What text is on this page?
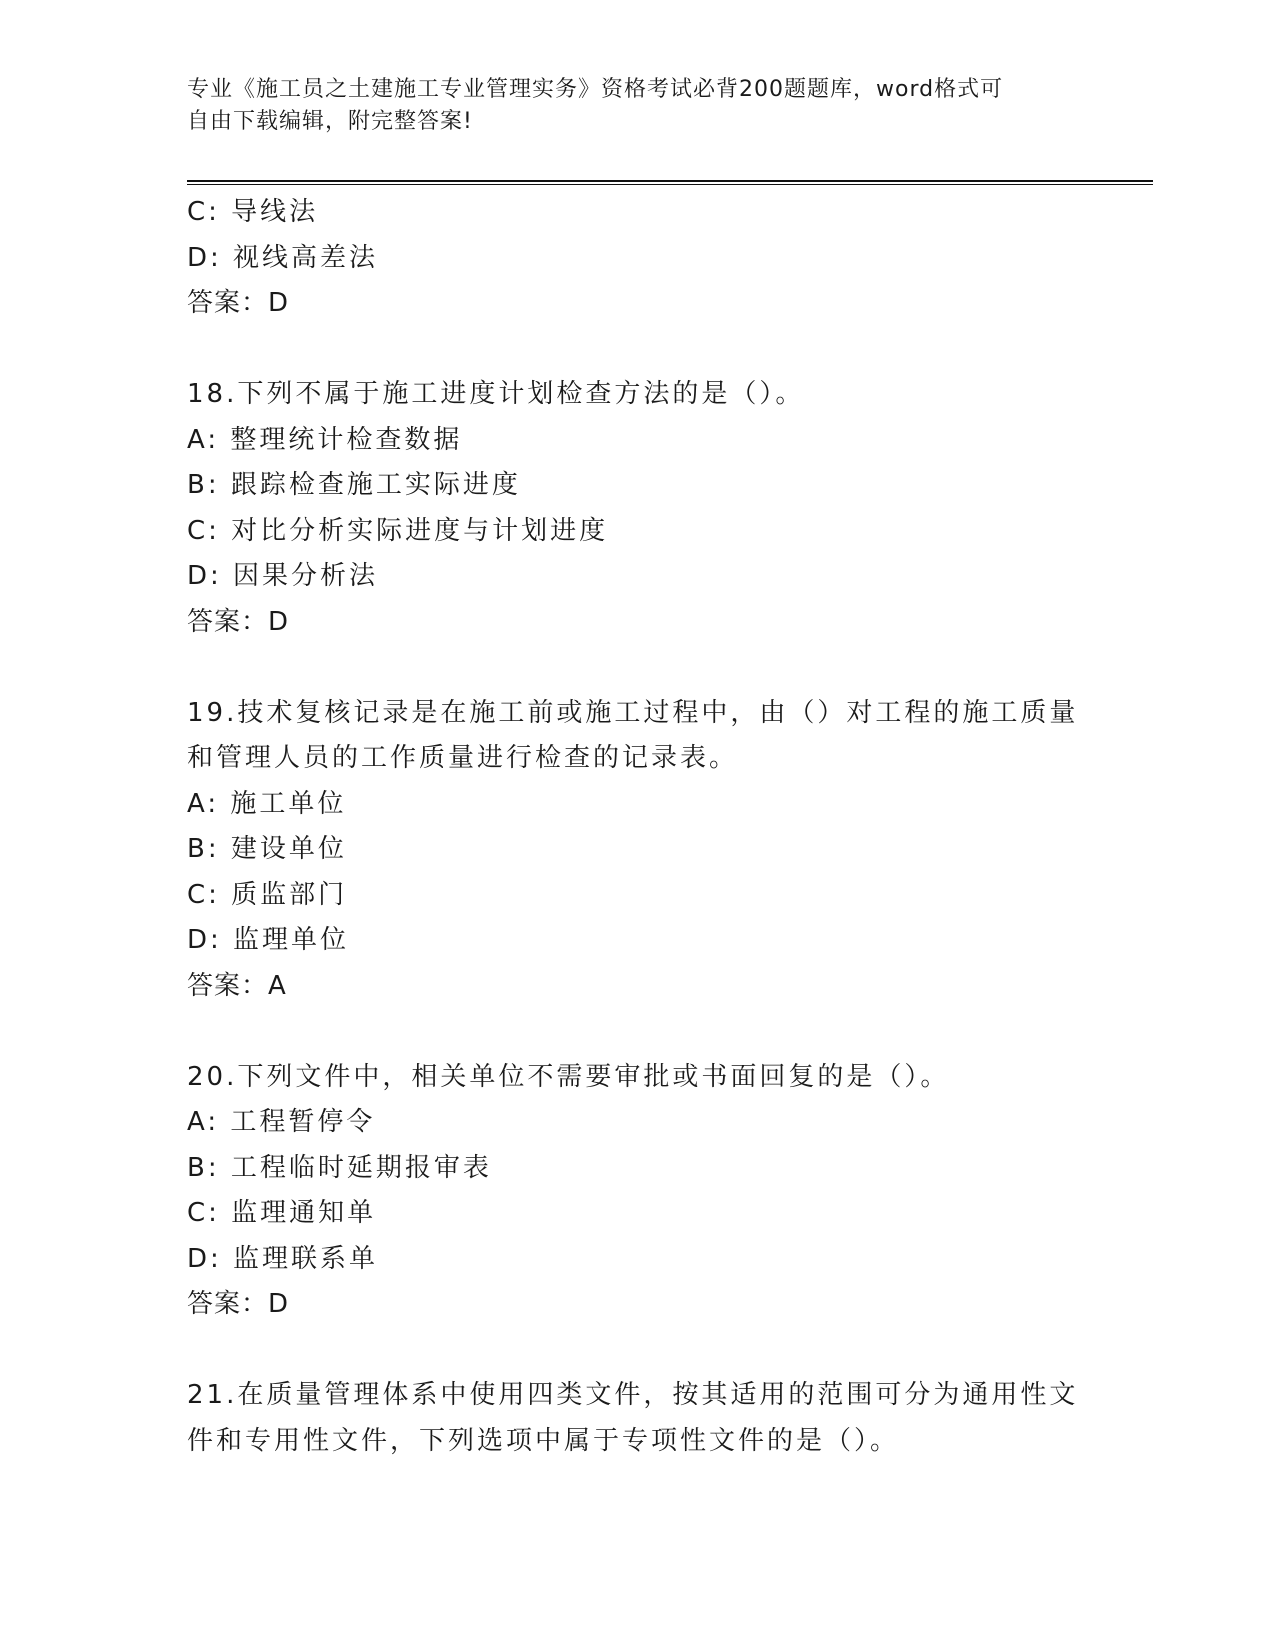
专业《施工员之土建施工专业管理实务》资格考试必背200题题库，word格式可
自由下载编辑，附完整答案!
C: 导线法
D: 视线高差法
答案：D
18.下列不属于施工进度计划检查方法的是（）。
A: 整理统计检查数据
B: 跟踪检查施工实际进度
C: 对比分析实际进度与计划进度
D: 因果分析法
答案：D
19.技术复核记录是在施工前或施工过程中，由（）对工程的施工质量
和管理人员的工作质量进行检查的记录表。
A: 施工单位
B: 建设单位
C: 质监部门
D: 监理单位
答案：A
20.下列文件中，相关单位不需要审批或书面回复的是（）。
A: 工程暂停令
B: 工程临时延期报审表
C: 监理通知单
D: 监理联系单
答案：D
21.在质量管理体系中使用四类文件，按其适用的范围可分为通用性文
件和专用性文件，下列选项中属于专项性文件的是（）。
